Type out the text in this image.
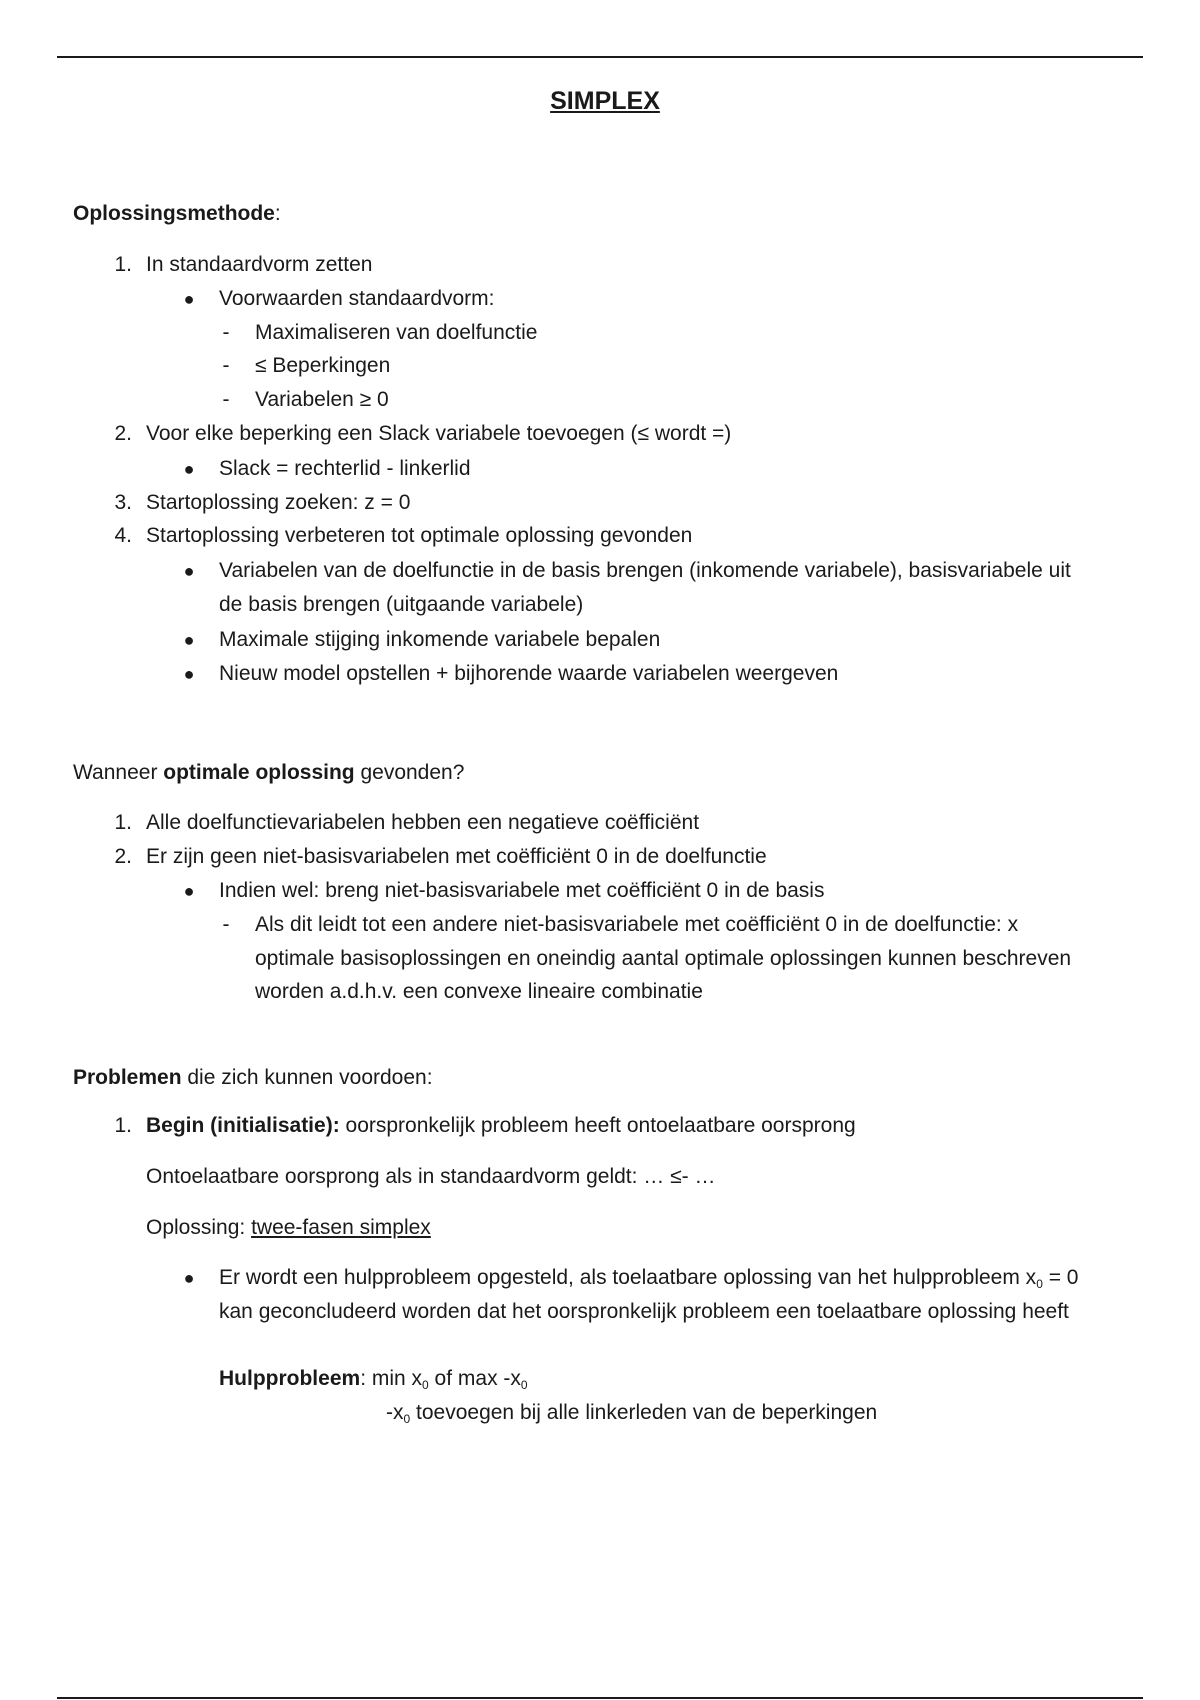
SIMPLEX
Oplossingsmethode:
1. In standaardvorm zetten
● Voorwaarden standaardvorm:
- Maximaliseren van doelfunctie
- ≤ Beperkingen
- Variabelen ≥ 0
2. Voor elke beperking een Slack variabele toevoegen (≤ wordt =)
● Slack = rechterlid - linkerlid
3. Startoplossing zoeken: z = 0
4. Startoplossing verbeteren tot optimale oplossing gevonden
● Variabelen van de doelfunctie in de basis brengen (inkomende variabele), basisvariabele uit
de basis brengen (uitgaande variabele)
● Maximale stijging inkomende variabele bepalen
● Nieuw model opstellen + bijhorende waarde variabelen weergeven
Wanneer optimale oplossing gevonden?
1. Alle doelfunctievariabelen hebben een negatieve coëfficiënt
2. Er zijn geen niet-basisvariabelen met coëfficiënt 0 in de doelfunctie
● Indien wel: breng niet-basisvariabele met coëfficiënt 0 in de basis
- Als dit leidt tot een andere niet-basisvariabele met coëfficiënt 0 in de doelfunctie: x
optimale basisoplossingen en oneindig aantal optimale oplossingen kunnen beschreven
worden a.d.h.v. een convexe lineaire combinatie
Problemen die zich kunnen voordoen:
1. Begin (initialisatie): oorspronkelijk probleem heeft ontoelaatbare oorsprong
Ontoelaatbare oorsprong als in standaardvorm geldt: … ≤- …
Oplossing: twee-fasen simplex
● Er wordt een hulpprobleem opgesteld, als toelaatbare oplossing van het hulpprobleem $x_0 = 0$
kan geconcludeerd worden dat het oorspronkelijk probleem een toelaatbare oplossing heeft
Hulpprobleem: $\min x_0$ of $\max -x_0$
$-x_0$ toevoegen bij alle linkerleden van de beperkingen
